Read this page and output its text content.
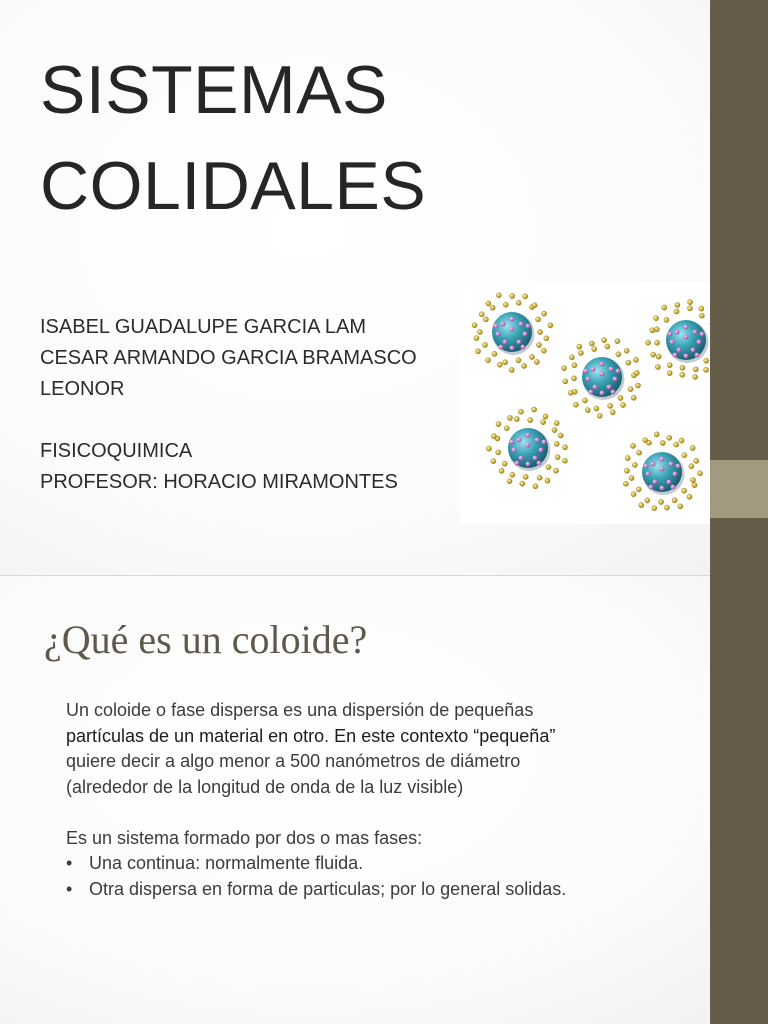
SISTEMAS
COLIDALES
ISABEL GUADALUPE GARCIA LAM
CESAR ARMANDO GARCIA BRAMASCO
LEONOR
FISICOQUIMICA
PROFESOR: HORACIO MIRAMONTES
¿Qué es un coloide?

Un coloide o fase dispersa es una dispersión de pequeñas

partículas de un material en otro. En este contexto “pequeña”

quiere decir a algo menor a 500 nanómetros de diámetro

(alrededor de la longitud de onda de la luz visible)

Es un sistema formado por dos o mas fases:

• Una continua: normalmente fluida.
• Otra dispersa en forma de particulas; por lo general solidas.
